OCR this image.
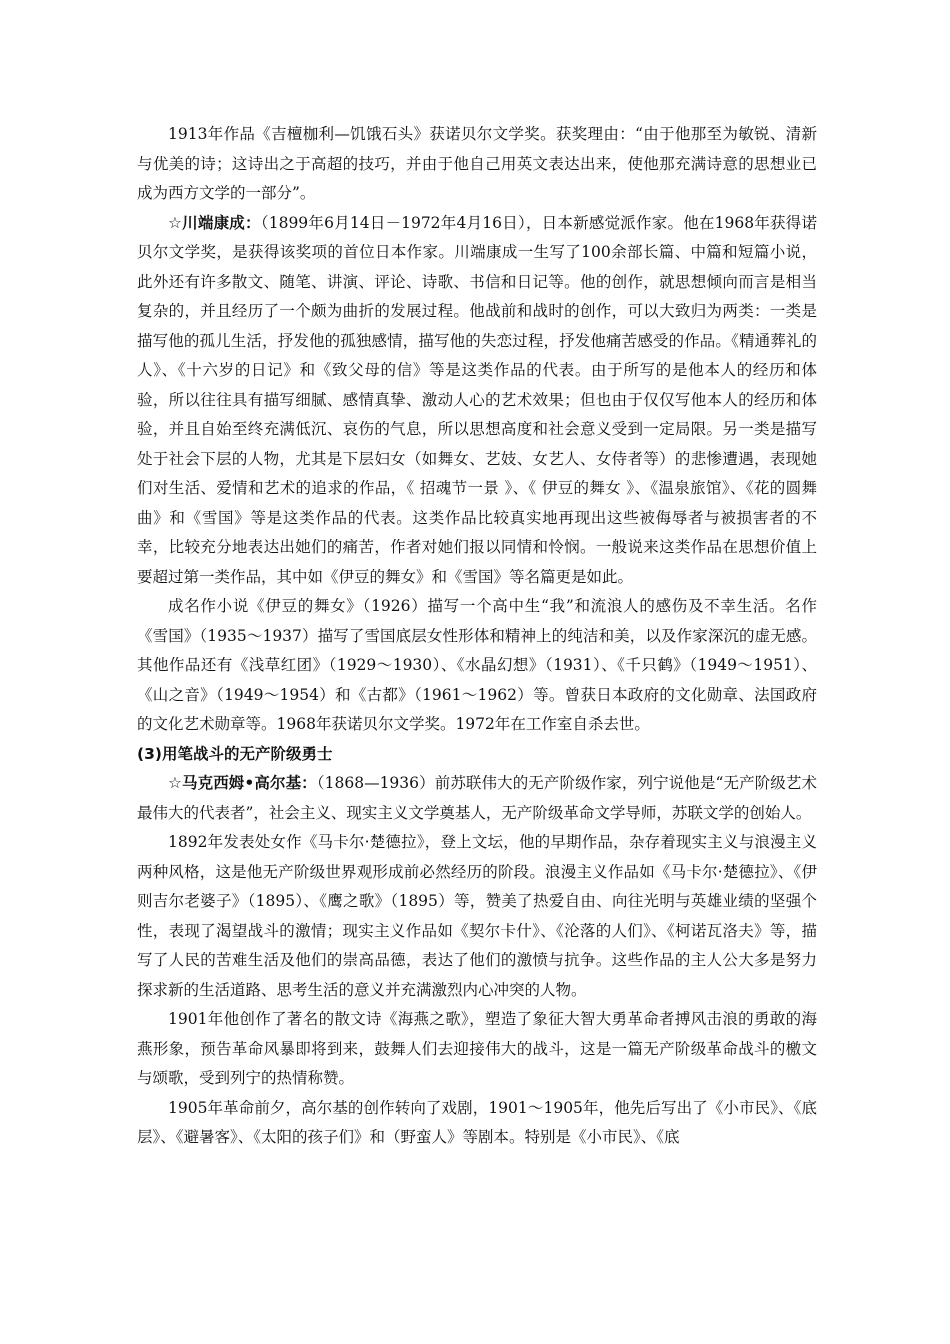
1913年作品《吉檀枷利—饥饿石头》获诺贝尔文学奖。获奖理由：“由于他那至为敏锐、清新与优美的诗；这诗出之于高超的技巧，并由于他自己用英文表达出来，使他那充满诗意的思想业已成为西方文学的一部分”。

☆川端康成：（1899年6月14日－1972年4月16日），日本新感觉派作家。他在1968年获得诺贝尔文学奖，是获得该奖项的首位日本作家。川端康成一生写了100余部长篇、中篇和短篇小说，此外还有许多散文、随笔、讲演、评论、诗歌、书信和日记等。他的创作，就思想倾向而言是相当复杂的，并且经历了一个颇为曲折的发展过程。他战前和战时的创作，可以大致归为两类：一类是描写他的孤儿生活，抒发他的孤独感情，描写他的失恋过程，抒发他痛苦感受的作品。《精通葬礼的人》、《十六岁的日记》和《致父母的信》等是这类作品的代表。由于所写的是他本人的经历和体验，所以往往具有描写细腻、感情真挚、激动人心的艺术效果；但也由于仅仅写他本人的经历和体验，并且自始至终充满低沉、哀伤的气息，所以思想高度和社会意义受到一定局限。另一类是描写处于社会下层的人物，尤其是下层妇女（如舞女、艺妓、女艺人、女侍者等）的悲惨遭遇，表现她们对生活、爱情和艺术的追求的作品，《 招魂节一景 》、《 伊豆的舞女 》、《温泉旅馆》、《花的圆舞曲》和《雪国》等是这类作品的代表。这类作品比较真实地再现出这些被侮辱者与被损害者的不幸，比较充分地表达出她们的痛苦，作者对她们报以同情和怜悯。一般说来这类作品在思想价值上要超过第一类作品，其中如《伊豆的舞女》和《雪国》等名篇更是如此。

成名作小说《伊豆的舞女》（1926）描写一个高中生“我”和流浪人的感伤及不幸生活。名作《雪国》（1935～1937）描写了雪国底层女性形体和精神上的纯洁和美，以及作家深沉的虚无感。其他作品还有《浅草红团》（1929～1930）、《水晶幻想》（1931）、《千只鹤》（1949～1951）、《山之音》（1949～1954）和《古都》（1961～1962）等。曾获日本政府的文化勋章、法国政府的文化艺术勋章等。1968年获诺贝尔文学奖。1972年在工作室自杀去世。

(3)用笔战斗的无产阶级勇士

☆马克西姆•高尔基：（1868—1936）前苏联伟大的无产阶级作家，列宁说他是“无产阶级艺术最伟大的代表者”，社会主义、现实主义文学奠基人，无产阶级革命文学导师，苏联文学的创始人。

1892年发表处女作《马卡尔·楚德拉》，登上文坛，他的早期作品，杂存着现实主义与浪漫主义两种风格，这是他无产阶级世界观形成前必然经历的阶段。浪漫主义作品如《马卡尔·楚德拉》、《伊则吉尔老婆子》（1895）、《鹰之歌》（1895）等，赞美了热爱自由、向往光明与英雄业绩的坚强个性，表现了渴望战斗的激情；现实主义作品如《契尔卡什》、《沦落的人们》、《柯诺瓦洛夫》等，描写了人民的苦难生活及他们的崇高品德，表达了他们的激愤与抗争。这些作品的主人公大多是努力探求新的生活道路、思考生活的意义并充满激烈内心冲突的人物。

1901年他创作了著名的散文诗《海燕之歌》，塑造了象征大智大勇革命者搏风击浪的勇敢的海燕形象，预告革命风暴即将到来，鼓舞人们去迎接伟大的战斗，这是一篇无产阶级革命战斗的檄文与颂歌，受到列宁的热情称赞。

1905年革命前夕，高尔基的创作转向了戏剧，1901～1905年，他先后写出了《小市民》、《底层》、《避暑客》、《太阳的孩子们》和（野蛮人》等剧本。特别是《小市民》、《底
